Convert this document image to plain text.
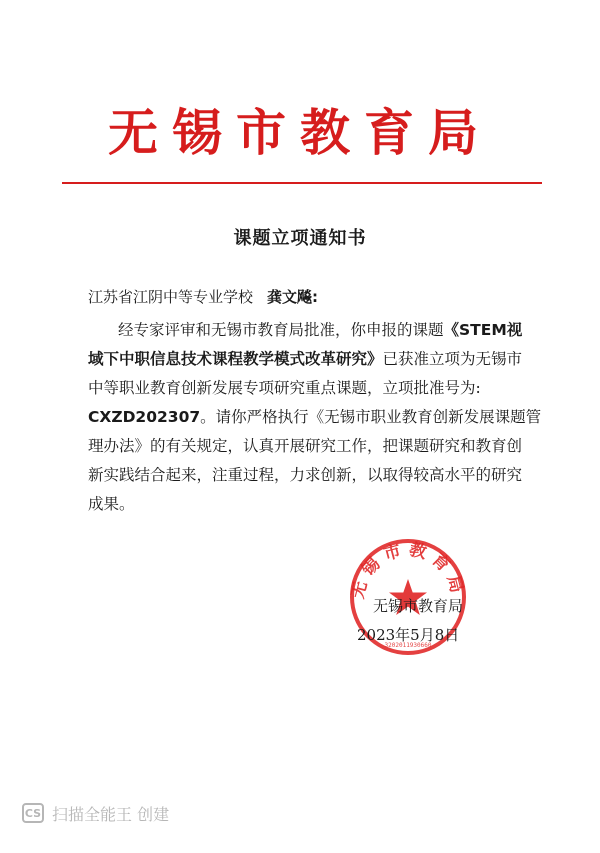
无锡市教育局
课题立项通知书
江苏省江阴中等专业学校 龚文飚:
经专家评审和无锡市教育局批准，你申报的课题《STEM视
域下中职信息技术课程教学模式改革研究》已获准立项为无锡市
中等职业教育创新发展专项研究重点课题，立项批准号为:
CXZD202307。请你严格执行《无锡市职业教育创新发展课题管
理办法》的有关规定，认真开展研究工作，把课题研究和教育创
新实践结合起来，注重过程，力求创新，以取得较高水平的研究
成果。
无锡市教育局
3202011930660
无锡市教育局
2023年5月8日
CS 扫描全能王 创建
